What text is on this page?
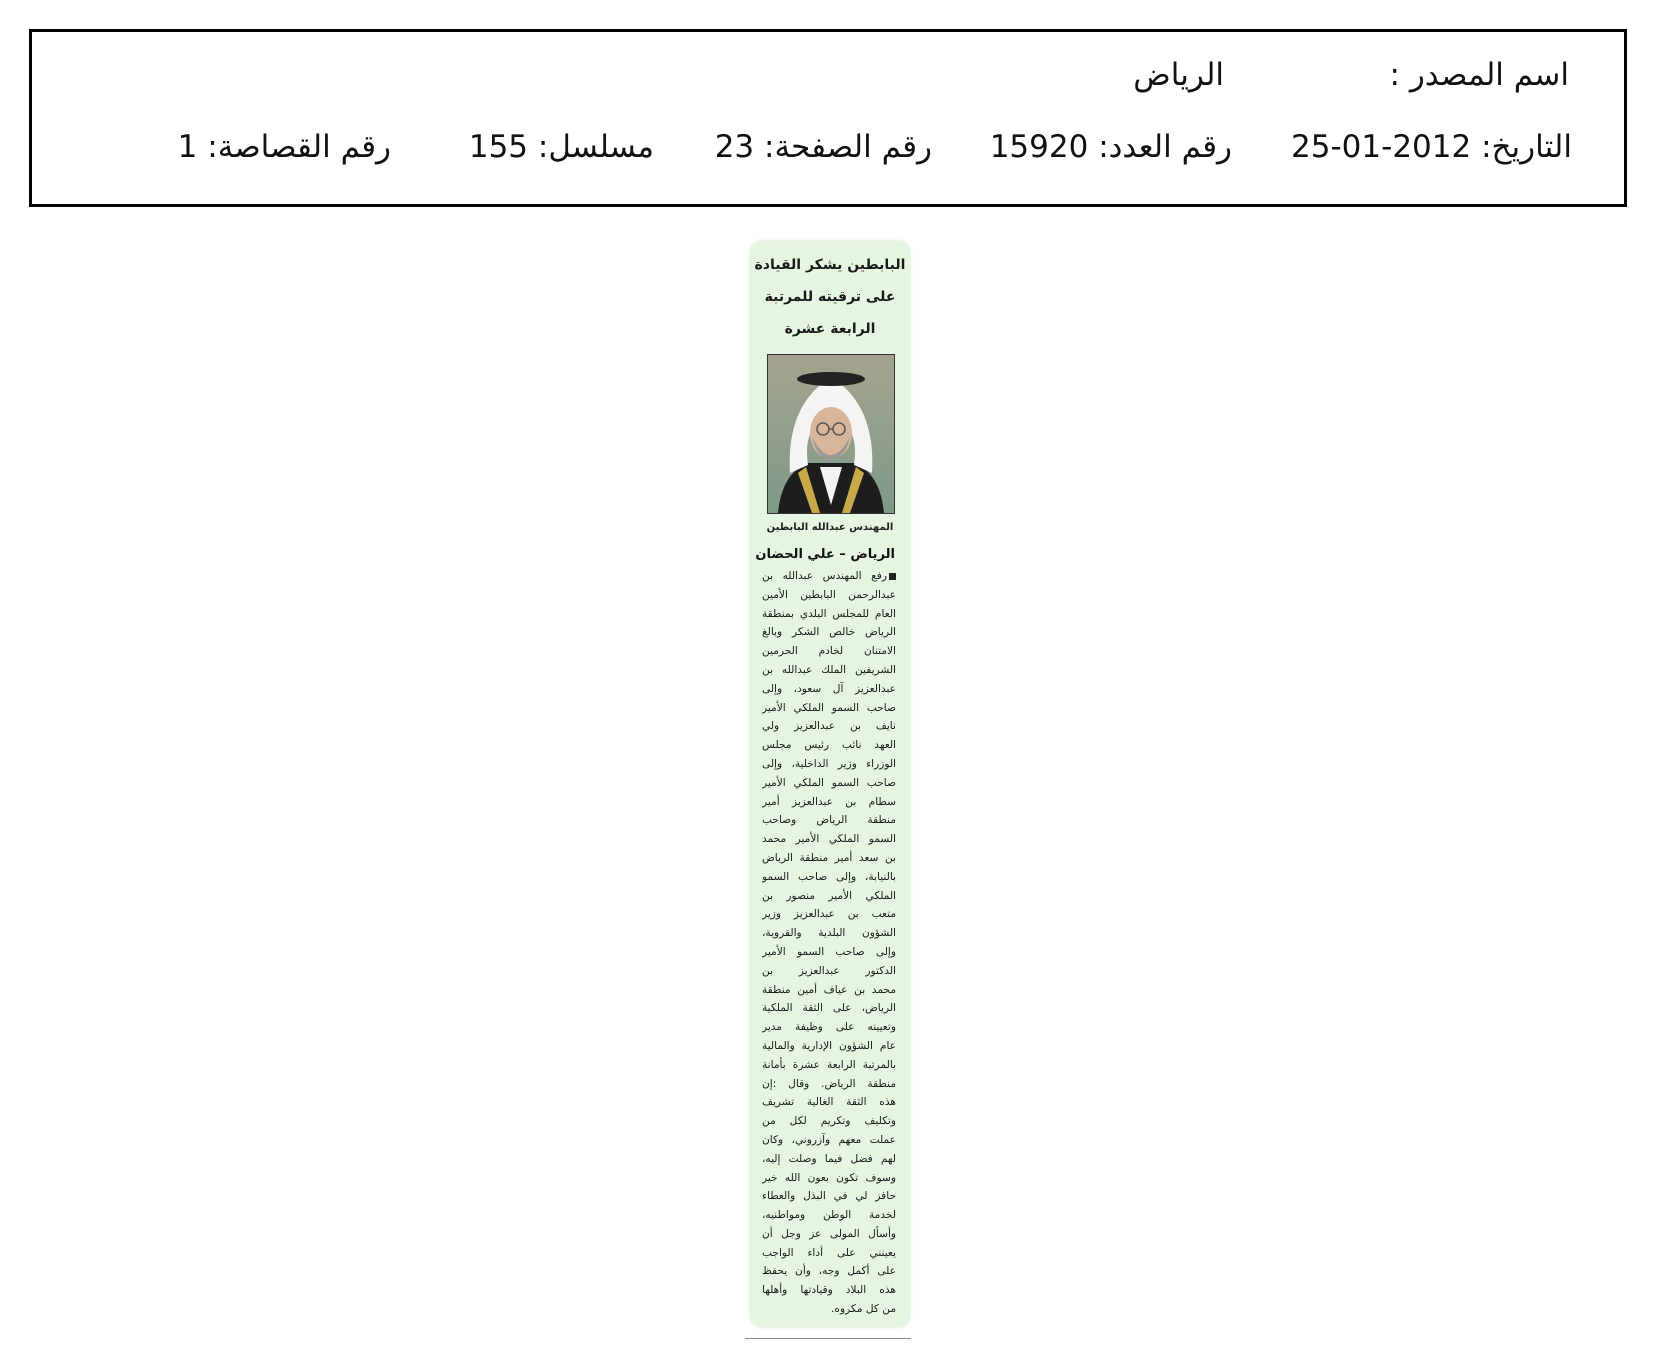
اسم المصدر :
الرياض
التاريخ: 2012-01-25
رقم العدد: 15920
رقم الصفحة: 23
مسلسل: 155
رقم القصاصة: 1
البابطين يشكر القيادة
على ترقيته للمرتبة
الرابعة عشرة
المهندس عبدالله البابطين
الرياض – علي الحضان
رفع المهندس عبدالله بن
عبدالرحمن البابطين الأمين
العام للمجلس البلدي بمنطقة
الرياض خالص الشكر وبالغ
الامتنان لخادم الحرمين
الشريفين الملك عبدالله بن
عبدالعزيز آل سعود، وإلى
صاحب السمو الملكي الأمير
نايف بن عبدالعزيز ولي
العهد نائب رئيس مجلس
الوزراء وزير الداخلية، وإلى
صاحب السمو الملكي الأمير
سطام بن عبدالعزيز أمير
منطقة الرياض وصاحب
السمو الملكي الأمير محمد
بن سعد أمير منطقة الرياض
بالنيابة، وإلى صاحب السمو
الملكي الأمير منصور بن
متعب بن عبدالعزيز وزير
الشؤون البلدية والقروية،
وإلى صاحب السمو الأمير
الدكتور عبدالعزيز بن
محمد بن عياف أمين منطقة
الرياض، على الثقة الملكية
وتعيينه على وظيفة مدير
عام الشؤون الإدارية والمالية
بالمرتبة الرابعة عشرة بأمانة
منطقة الرياض. وقال :إن
هذه الثقة الغالية تشريف
وتكليف وتكريم لكل من
عملت معهم وآزروني، وكان
لهم فضل فيما وصلت إليه،
وسوف تكون بعون الله خير
حافز لي في البذل والعطاء
لخدمة الوطن ومواطنيه،
وأسأل المولى عز وجل أن
يعينني على أداء الواجب
على أكمل وجه، وأن يحفظ
هذه البلاد وقيادتها وأهلها
من كل مكروه.
